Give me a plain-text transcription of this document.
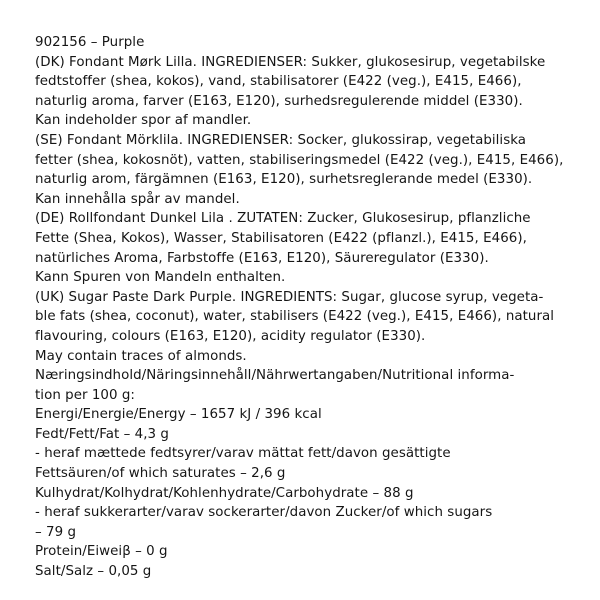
902156 – Purple
(DK) Fondant Mørk Lilla. INGREDIENSER: Sukker, glukosesirup, vegetabilske
fedtstoffer (shea, kokos), vand, stabilisatorer (E422 (veg.), E415, E466),
naturlig aroma, farver (E163, E120), surhedsregulerende middel (E330).
Kan indeholder spor af mandler.
(SE) Fondant Mörklila. INGREDIENSER: Socker, glukossirap, vegetabiliska
fetter (shea, kokosnöt), vatten, stabiliseringsmedel (E422 (veg.), E415, E466),
naturlig arom, färgämnen (E163, E120), surhetsreglerande medel (E330).
Kan innehålla spår av mandel.
(DE) Rollfondant Dunkel Lila . ZUTATEN: Zucker, Glukosesirup, pflanzliche
Fette (Shea, Kokos), Wasser, Stabilisatoren (E422 (pflanzl.), E415, E466),
natürliches Aroma, Farbstoffe (E163, E120), Säureregulator (E330).
Kann Spuren von Mandeln enthalten.
(UK) Sugar Paste Dark Purple. INGREDIENTS: Sugar, glucose syrup, vegeta-
ble fats (shea, coconut), water, stabilisers (E422 (veg.), E415, E466), natural
flavouring, colours (E163, E120), acidity regulator (E330).
May contain traces of almonds.
Næringsindhold/Näringsinnehåll/Nährwertangaben/Nutritional informa-
tion per 100 g:
Energi/Energie/Energy – 1657 kJ / 396 kcal
Fedt/Fett/Fat – 4,3 g
- heraf mættede fedtsyrer/varav mättat fett/davon gesättigte
Fettsäuren/of which saturates – 2,6 g
Kulhydrat/Kolhydrat/Kohlenhydrate/Carbohydrate – 88 g
- heraf sukkerarter/varav sockerarter/davon Zucker/of which sugars
– 79 g
Protein/Eiweiβ – 0 g
Salt/Salz – 0,05 g
